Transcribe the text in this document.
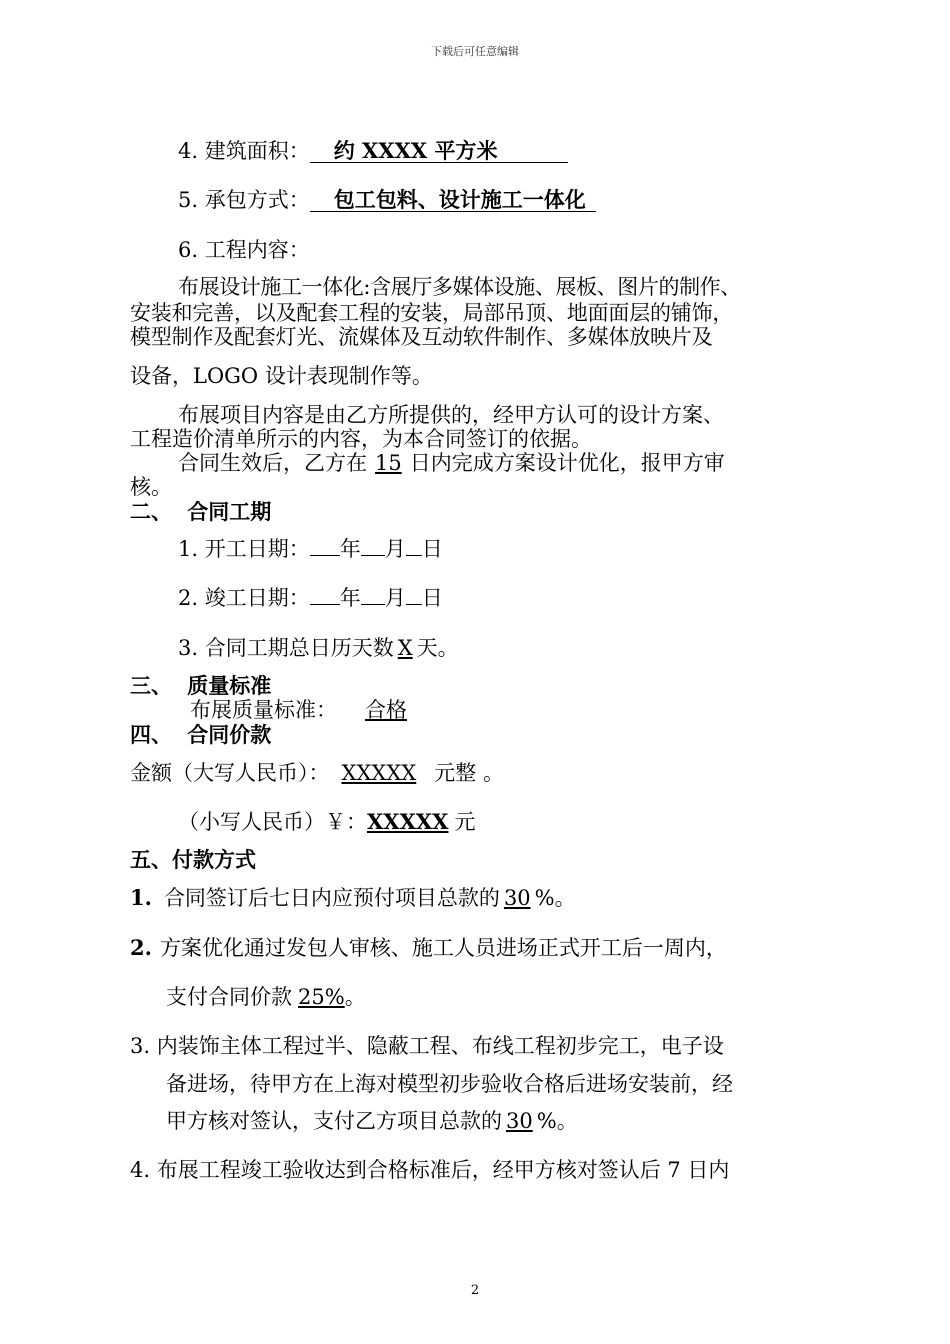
下载后可任意编辑
4. 建筑面积： 约 XXXX 平方米
5. 承包方式： 包工包料、设计施工一体化
6. 工程内容：
布展设计施工一体化:含展厅多媒体设施、展板、图片的制作、
安装和完善，以及配套工程的安装，局部吊顶、地面面层的铺饰，
模型制作及配套灯光、流媒体及互动软件制作、多媒体放映片及
设备，LOGO 设计表现制作等。
布展项目内容是由乙方所提供的，经甲方认可的设计方案、
工程造价清单所示的内容，为本合同签订的依据。
合同生效后，乙方在 15 日内完成方案设计优化，报甲方审
核。
二、 合同工期
1. 开工日期： 年 月 日
2. 竣工日期： 年 月 日
3. 合同工期总日历天数 X 天。
三、 质量标准
布展质量标准： 合格
四、 合同价款
金额（大写人民币）： XXXXX 元整 。
（小写人民币）￥：XXXXX 元
五、付款方式
1. 合同签订后七日内应预付项目总款的 30 %。
2. 方案优化通过发包人审核、施工人员进场正式开工后一周内，
支付合同价款 25%。
3. 内装饰主体工程过半、隐蔽工程、布线工程初步完工，电子设
备进场，待甲方在上海对模型初步验收合格后进场安装前，经
甲方核对签认，支付乙方项目总款的 30 %。
4. 布展工程竣工验收达到合格标准后，经甲方核对签认后 7 日内
2
